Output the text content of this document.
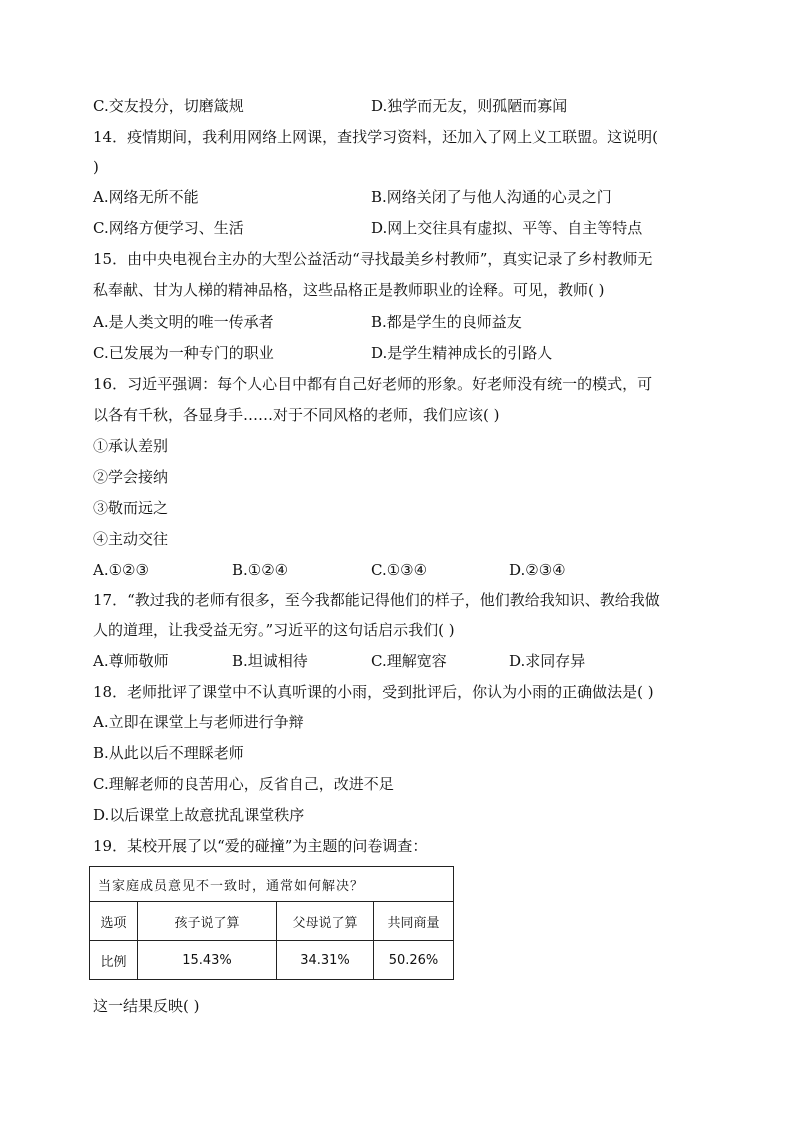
C.交友投分，切磨箴规	D.独学而无友，则孤陋而寡闻
14．疫情期间，我利用网络上网课，查找学习资料，还加入了网上义工联盟。这说明(
)
A.网络无所不能	B.网络关闭了与他人沟通的心灵之门
C.网络方便学习、生活	D.网上交往具有虚拟、平等、自主等特点
15．由中央电视台主办的大型公益活动“寻找最美乡村教师”，真实记录了乡村教师无
私奉献、甘为人梯的精神品格，这些品格正是教师职业的诠释。可见，教师( )
A.是人类文明的唯一传承者	B.都是学生的良师益友
C.已发展为一种专门的职业	D.是学生精神成长的引路人
16．习近平强调：每个人心目中都有自己好老师的形象。好老师没有统一的模式，可
以各有千秋，各显身手……对于不同风格的老师，我们应该( )
①承认差别
②学会接纳
③敬而远之
④主动交往
A.①②③	B.①②④	C.①③④	D.②③④
17．“教过我的老师有很多，至今我都能记得他们的样子，他们教给我知识、教给我做
人的道理，让我受益无穷。”习近平的这句话启示我们( )
A.尊师敬师	B.坦诚相待	C.理解宽容	D.求同存异
18．老师批评了课堂中不认真听课的小雨，受到批评后，你认为小雨的正确做法是( )
A.立即在课堂上与老师进行争辩
B.从此以后不理睬老师
C.理解老师的良苦用心，反省自己，改进不足
D.以后课堂上故意扰乱课堂秩序
19．某校开展了以“爱的碰撞”为主题的问卷调查：
当家庭成员意见不一致时，通常如何解决？			
选项	孩子说了算	父母说了算	共同商量
比例	15.43%	34.31%	50.26%
这一结果反映( )
